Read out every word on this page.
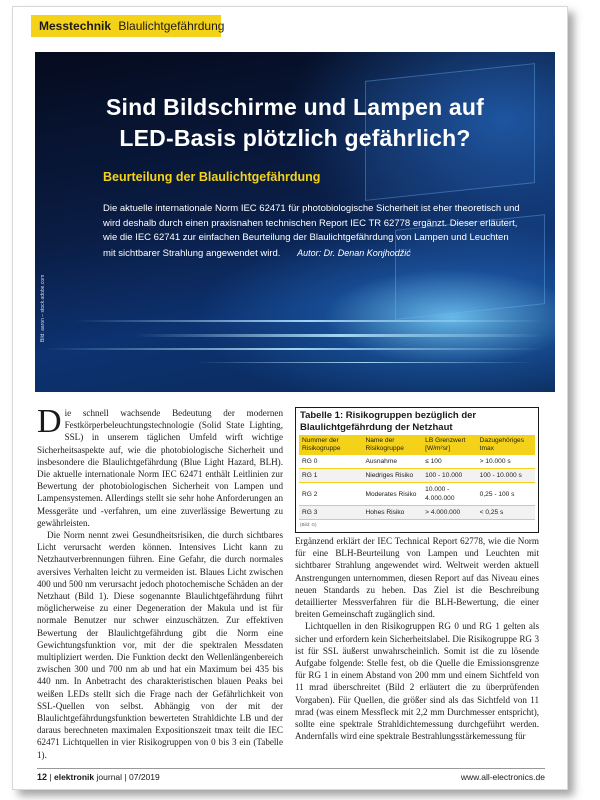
Messtechnik Blaulichtgefährdung
Sind Bildschirme und Lampen auf
LED-Basis plötzlich gefährlich?
Beurteilung der Blaulichtgefährdung
Die aktuelle internationale Norm IEC 62471 für photobiologische Sicherheit ist eher theoretisch und wird deshalb durch einen praxisnahen technischen Report IEC TR 62778 ergänzt. Dieser erläutert, wie die IEC 62741 zur einfachen Beurteilung der Blaulichtgefährdung von Lampen und Leuchten mit sichtbarer Strahlung angewendet wird. Autor: Dr. Denan Konjhodžić
Bild: aaron – stock.adobe.com

Die schnell wachsende Bedeutung der modernen Festkörperbeleuchtungstechnologie (Solid State Lighting, SSL) in unserem täglichen Umfeld wirft wichtige Sicherheitsaspekte auf, wie die photobiologische Sicherheit und insbesondere die Blaulichtgefährdung (Blue Light Hazard, BLH). Die aktuelle internationale Norm IEC 62471 enthält Leitlinien zur Bewertung der photobiologischen Sicherheit von Lampen und Lampensystemen. Allerdings stellt sie sehr hohe Anforderungen an Messgeräte und -verfahren, um eine zuverlässige Bewertung zu gewährleisten.

Die Norm nennt zwei Gesundheitsrisiken, die durch sichtbares Licht verursacht werden können. Intensives Licht kann zu Netzhautverbrennungen führen. Eine Gefahr, die durch normales aversives Verhalten leicht zu vermeiden ist. Blaues Licht zwischen 400 und 500 nm verursacht jedoch photochemische Schäden an der Netzhaut (Bild 1). Diese sogenannte Blaulichtgefährdung führt möglicherweise zu einer Degeneration der Makula und ist für normale Benutzer nur schwer einzuschätzen. Zur effektiven Bewertung der Blaulichtgefährdung gibt die Norm eine Gewichtungsfunktion vor, mit der die spektralen Messdaten multipliziert werden. Die Funktion deckt den Wellenlängenbereich zwischen 300 und 700 nm ab und hat ein Maximum bei 435 bis 440 nm. In Anbetracht des charakteristischen blauen Peaks bei weißen LEDs stellt sich die Frage nach der Gefährlichkeit von SSL-Quellen von selbst. Abhängig von der mit der Blaulichtgefährdungsfunktion bewerteten Strahldichte LB und der daraus berechneten maximalen Expositionszeit tmax teilt die IEC 62471 Lichtquellen in vier Risikogruppen von 0 bis 3 ein (Tabelle 1).

Tabelle 1: Risikogruppen bezüglich der Blaulichtgefährdung der Netzhaut
Nummer der Risikogruppe	Name der Risikogruppe	LB Grenzwert [W/m²sr]	Dazugehöriges tmax
RG 0	Ausnahme	≤ 100	> 10.000 s
RG 1	Niedriges Risiko	100 - 10.000	100 - 10.000 s
RG 2	Moderates Risiko	10.000 - 4.000.000	0,25 - 100 s
RG 3	Hohes Risiko	> 4.000.000	< 0,25 s
(Bild: G)

Ergänzend erklärt der IEC Technical Report 62778, wie die Norm für eine BLH-Beurteilung von Lampen und Leuchten mit sichtbarer Strahlung angewendet wird. Weltweit werden aktuell Anstrengungen unternommen, diesen Report auf das Niveau eines neuen Standards zu heben. Das Ziel ist die Beschreibung detaillierter Messverfahren für die BLH-Bewertung, die einer breiten Gemeinschaft zugänglich sind.

Lichtquellen in den Risikogruppen RG 0 und RG 1 gelten als sicher und erfordern kein Sicherheitslabel. Die Risikogruppe RG 3 ist für SSL äußerst unwahrscheinlich. Somit ist die zu lösende Aufgabe folgende: Stelle fest, ob die Quelle die Emissionsgrenze für RG 1 in einem Abstand von 200 mm und einem Sichtfeld von 11 mrad überschreitet (Bild 2 erläutert die zu überprüfenden Vorgaben). Für Quellen, die größer sind als das Sichtfeld von 11 mrad (was einem Messfleck mit 2,2 mm Durchmesser entspricht), sollte eine spektrale Strahldichtemessung durchgeführt werden. Andernfalls wird eine spektrale Bestrahlungsstärkemessung für

12 | elektronik journal | 07/2019	www.all-electronics.de
